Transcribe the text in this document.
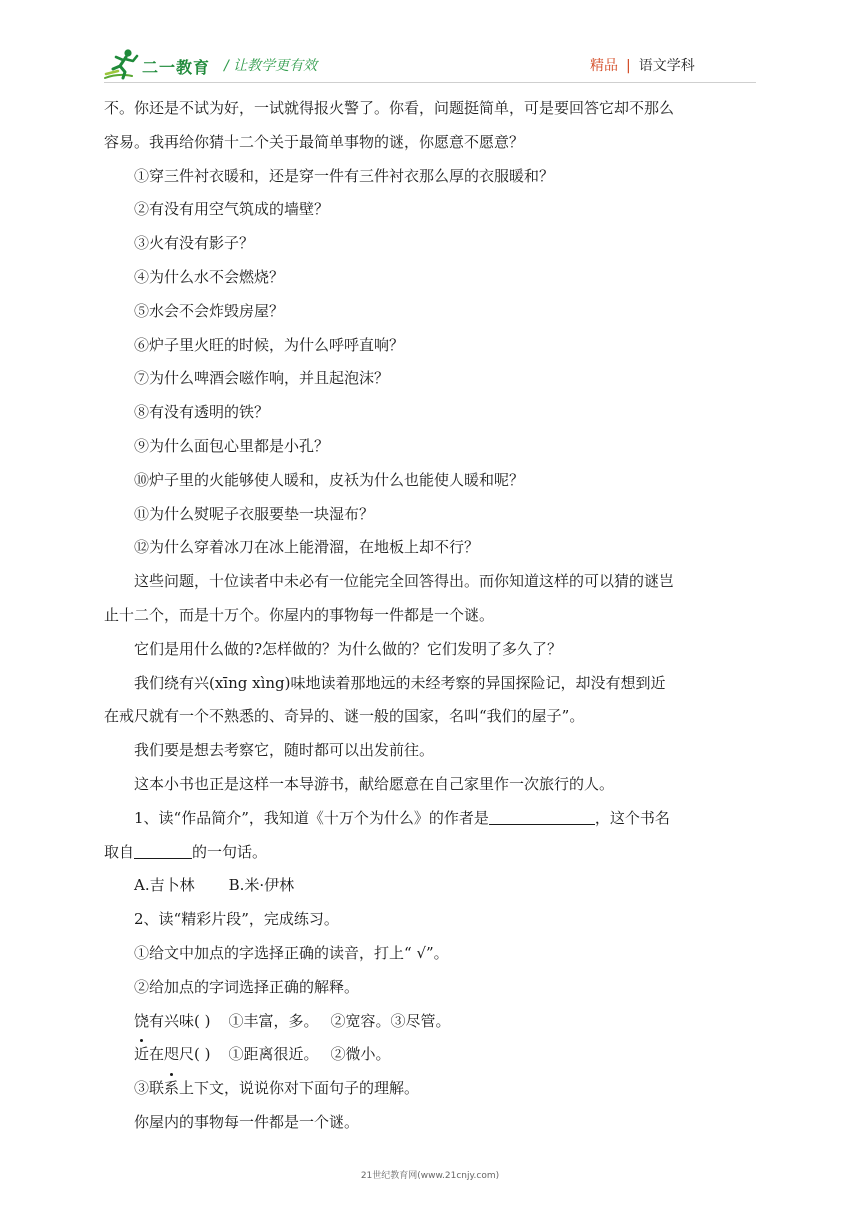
二一教育 / 让教学更有效	精品 | 语文学科

不。你还是不试为好，一试就得报火警了。你看，问题挺简单，可是要回答它却不那么

容易。我再给你猜十二个关于最简单事物的谜，你愿意不愿意？

①穿三件衬衣暖和，还是穿一件有三件衬衣那么厚的衣服暖和？

②有没有用空气筑成的墙壁？

③火有没有影子？

④为什么水不会燃烧？

⑤水会不会炸毁房屋？

⑥炉子里火旺的时候，为什么呼呼直响？

⑦为什么啤酒会嗞作响，并且起泡沫？

⑧有没有透明的铁？

⑨为什么面包心里都是小孔？

⑩炉子里的火能够使人暖和，皮袄为什么也能使人暖和呢？

⑪为什么熨呢子衣服要垫一块湿布？

⑫为什么穿着冰刀在冰上能滑溜，在地板上却不行？

这些问题，十位读者中未必有一位能完全回答得出。而你知道这样的可以猜的谜岂

止十二个，而是十万个。你屋内的事物每一件都是一个谜。

它们是用什么做的?怎样做的？为什么做的？它们发明了多久了？

我们绕有兴(xīng xìng)味地读着那地远的未经考察的异国探险记，却没有想到近

在戒尺就有一个不熟悉的、奇异的、谜一般的国家，名叫“我们的屋子”。

我们要是想去考察它，随时都可以出发前往。

这本小书也正是这样一本导游书，献给愿意在自己家里作一次旅行的人。

1、读“作品简介”，我知道《十万个为什么》的作者是	，这个书名

取自	的一句话。

A.吉卜林 B.米·伊林

2、读“精彩片段”，完成练习。

①给文中加点的字选择正确的读音，打上“ √”。

②给加点的字词选择正确的解释。

饶有兴味( ) ①丰富，多。 ②宽容。③尽管。

近在咫尺( ) ①距离很近。 ②微小。

③联系上下文，说说你对下面句子的理解。

你屋内的事物每一件都是一个谜。

21世纪教育网(www.21cnjy.com)
